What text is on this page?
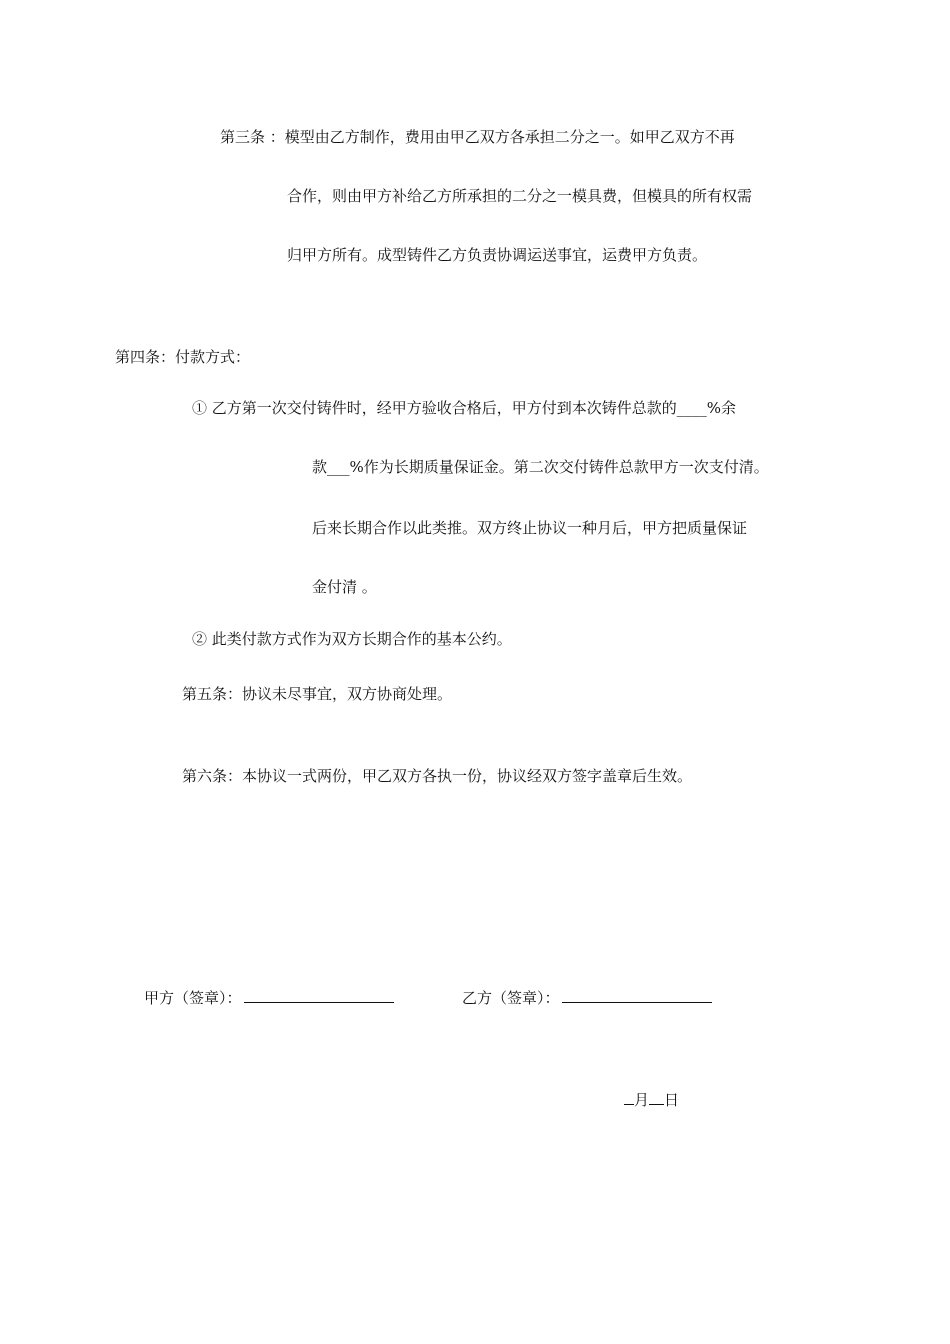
第三条 ：模型由乙方制作，费用由甲乙双方各承担二分之一。如甲乙双方不再
合作，则由甲方补给乙方所承担的二分之一模具费，但模具的所有权需
归甲方所有。成型铸件乙方负责协调运送事宜，运费甲方负责。
第四条：付款方式：
① 乙方第一次交付铸件时，经甲方验收合格后，甲方付到本次铸件总款的____%余
款___%作为长期质量保证金。第二次交付铸件总款甲方一次支付清。
后来长期合作以此类推。双方终止协议一种月后，甲方把质量保证
金付清 。
② 此类付款方式作为双方长期合作的基本公约。
第五条：协议未尽事宜，双方协商处理。
第六条：本协议一式两份，甲乙双方各执一份，协议经双方签字盖章后生效。
甲方（签章）：	乙方（签章）：
月 日
